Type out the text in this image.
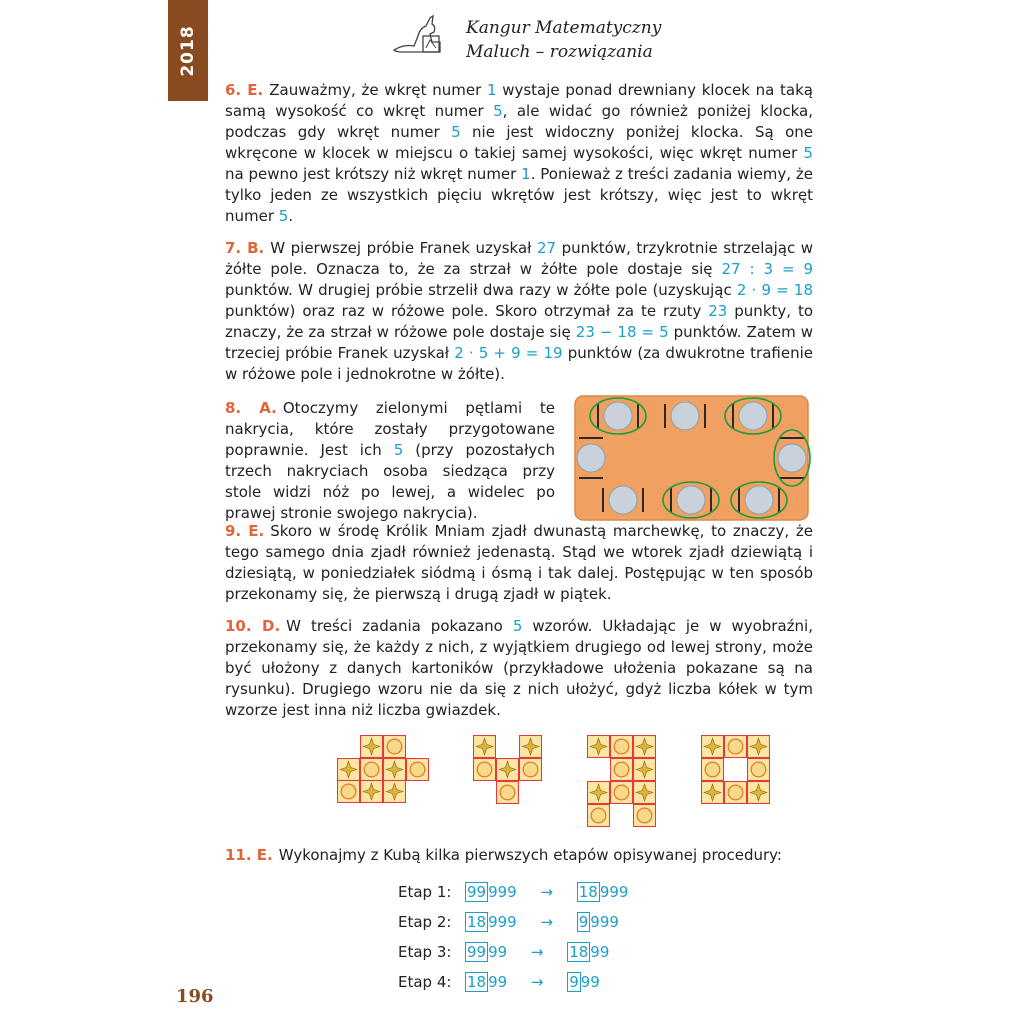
2018	Kangur Matematyczny
Maluch – rozwiązania

6. E. Zauważmy, że wkręt numer 1 wystaje ponad drewniany klocek na taką samą wysokość co wkręt numer 5, ale widać go również poniżej klocka, podczas gdy wkręt numer 5 nie jest widoczny poniżej klocka. Są one wkręcone w klocek w miejscu o takiej samej wysokości, więc wkręt numer 5 na pewno jest krótszy niż wkręt numer 1. Ponieważ z treści zadania wiemy, że tylko jeden ze wszystkich pięciu wkrętów jest krótszy, więc jest to wkręt numer 5.

7. B. W pierwszej próbie Franek uzyskał 27 punktów, trzykrotnie strzelając w żółte pole. Oznacza to, że za strzał w żółte pole dostaje się 27 : 3 = 9 punktów. W drugiej próbie strzelił dwa razy w żółte pole (uzyskując 2 · 9 = 18 punktów) oraz raz w różowe pole. Skoro otrzymał za te rzuty 23 punkty, to znaczy, że za strzał w różowe pole dostaje się 23 − 18 = 5 punktów. Zatem w trzeciej próbie Franek uzyskał 2 · 5 + 9 = 19 punktów (za dwukrotne trafienie w różowe pole i jednokrotne w żółte).

8. A. Otoczymy zielonymi pętlami te nakrycia, które zostały przygotowane poprawnie. Jest ich 5 (przy pozostałych trzech nakryciach osoba siedząca przy stole widzi nóż po lewej, a widelec po prawej stronie swojego nakrycia).

9. E. Skoro w środę Królik Mniam zjadł dwunastą marchewkę, to znaczy, że tego samego dnia zjadł również jedenastą. Stąd we wtorek zjadł dziewiątą i dziesiątą, w poniedziałek siódmą i ósmą i tak dalej. Postępując w ten sposób przekonamy się, że pierwszą i drugą zjadł w piątek.

10. D. W treści zadania pokazano 5 wzorów. Układając je w wyobraźni, przekonamy się, że każdy z nich, z wyjątkiem drugiego od lewej strony, może być ułożony z danych kartoników (przykładowe ułożenia pokazane są na rysunku). Drugiego wzoru nie da się z nich ułożyć, gdyż liczba kółek w tym wzorze jest inna niż liczba gwiazdek.

11. E. Wykonajmy z Kubą kilka pierwszych etapów opisywanej procedury:

Etap 1:	99 999	→	18 999
Etap 2:	18 999	→	9 999
Etap 3:	99 99	→	18 99
Etap 4:	18 99	→	9 99
196
